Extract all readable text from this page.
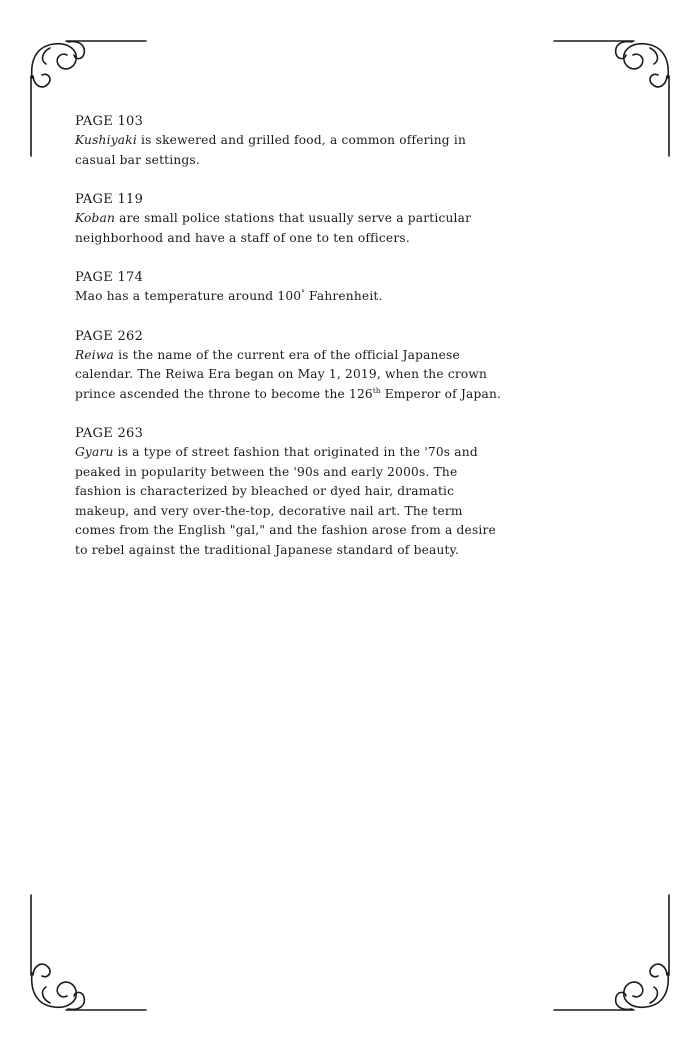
PAGE 103
Kushiyaki is skewered and grilled food, a common offering in casual bar settings.
PAGE 119
Koban are small police stations that usually serve a particular neighborhood and have a staff of one to ten officers.
PAGE 174
Mao has a temperature around 100° Fahrenheit.
PAGE 262
Reiwa is the name of the current era of the official Japanese calendar. The Reiwa Era began on May 1, 2019, when the crown prince ascended the throne to become the 126th Emperor of Japan.
PAGE 263
Gyaru is a type of street fashion that originated in the '70s and peaked in popularity between the '90s and early 2000s. The fashion is characterized by bleached or dyed hair, dramatic makeup, and very over-the-top, decorative nail art. The term comes from the English "gal," and the fashion arose from a desire to rebel against the traditional Japanese standard of beauty.
